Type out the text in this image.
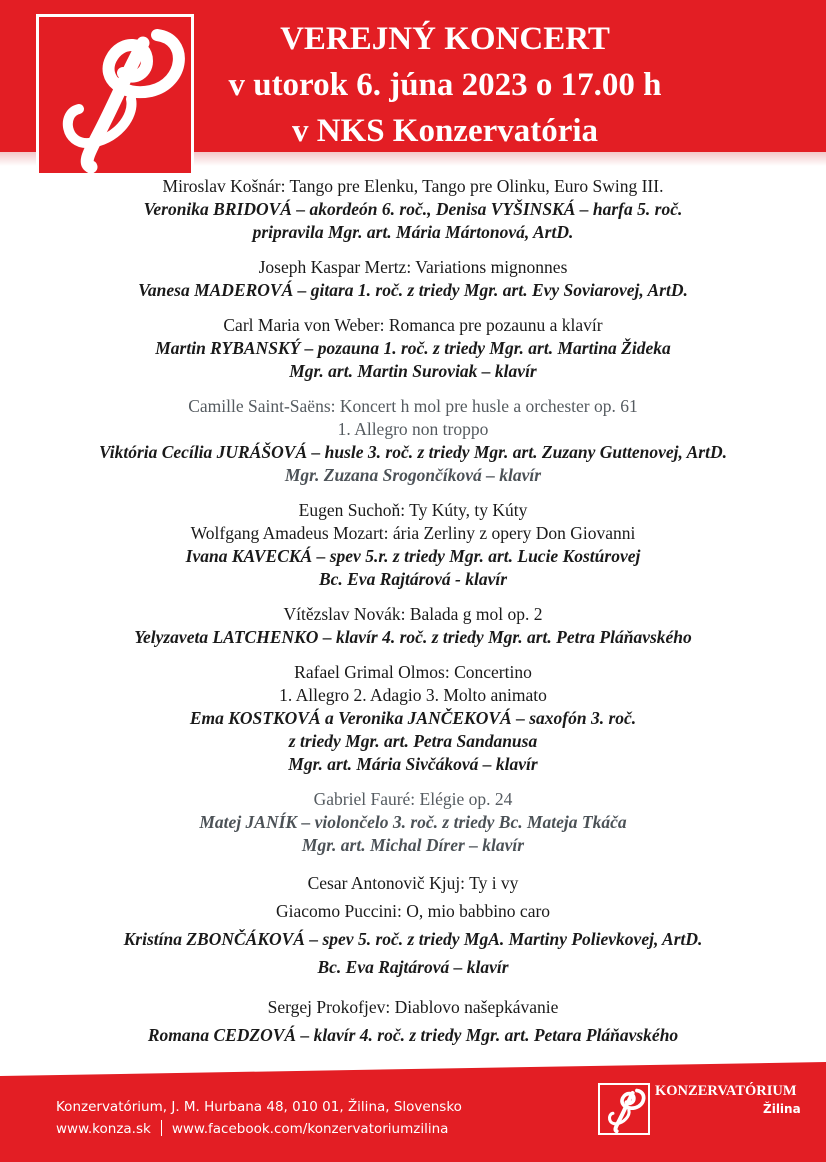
VEREJNÝ KONCERT
v utorok 6. júna 2023 o 17.00 h
v NKS Konzervatória
Miroslav Košnár: Tango pre Elenku, Tango pre Olinku, Euro Swing III.
Veronika BRIDOVÁ – akordeón 6. roč., Denisa VYŠINSKÁ – harfa 5. roč.
pripravila Mgr. art. Mária Mártonová, ArtD.
Joseph Kaspar Mertz: Variations mignonnes
Vanesa MADEROVÁ – gitara 1. roč. z triedy Mgr. art. Evy Soviarovej, ArtD.
Carl Maria von Weber: Romanca pre pozaunu a klavír
Martin RYBANSKÝ – pozauna 1. roč. z triedy Mgr. art. Martina Žideka
Mgr. art. Martin Suroviak – klavír
Camille Saint-Saëns: Koncert h mol pre husle a orchester op. 61
1. Allegro non troppo
Viktória Cecília JURÁŠOVÁ – husle 3. roč. z triedy Mgr. art. Zuzany Guttenovej, ArtD.
Mgr. Zuzana Srogončíková – klavír
Eugen Suchoň: Ty Kúty, ty Kúty
Wolfgang Amadeus Mozart: ária Zerliny z opery Don Giovanni
Ivana KAVECKÁ – spev 5.r. z triedy Mgr. art. Lucie Kostúrovej
Bc. Eva Rajtárová - klavír
Vítězslav Novák: Balada g mol op. 2
Yelyzaveta LATCHENKO – klavír 4. roč. z triedy Mgr. art. Petra Pláňavského
Rafael Grimal Olmos: Concertino
1. Allegro 2. Adagio 3. Molto animato
Ema KOSTKOVÁ a Veronika JANČEKOVÁ – saxofón 3. roč.
z triedy Mgr. art. Petra Sandanusa
Mgr. art. Mária Sivčáková – klavír
Gabriel Fauré: Elégie op. 24
Matej JANÍK – violončelo 3. roč. z triedy Bc. Mateja Tkáča
Mgr. art. Michal Dírer – klavír
Cesar Antonovič Kjuj: Ty i vy
Giacomo Puccini: O, mio babbino caro
Kristína ZBONČÁKOVÁ – spev 5. roč. z triedy MgA. Martiny Polievkovej, ArtD.
Bc. Eva Rajtárová – klavír
Sergej Prokofjev: Diablovo našepkávanie
Romana CEDZOVÁ – klavír 4. roč. z triedy Mgr. art. Petara Pláňavského
Konzervatórium, J. M. Hurbana 48, 010 01, Žilina, Slovensko
www.konza.sk www.facebook.com/konzervatoriumzilina
KONZERVATÓRIUM
Žilina
